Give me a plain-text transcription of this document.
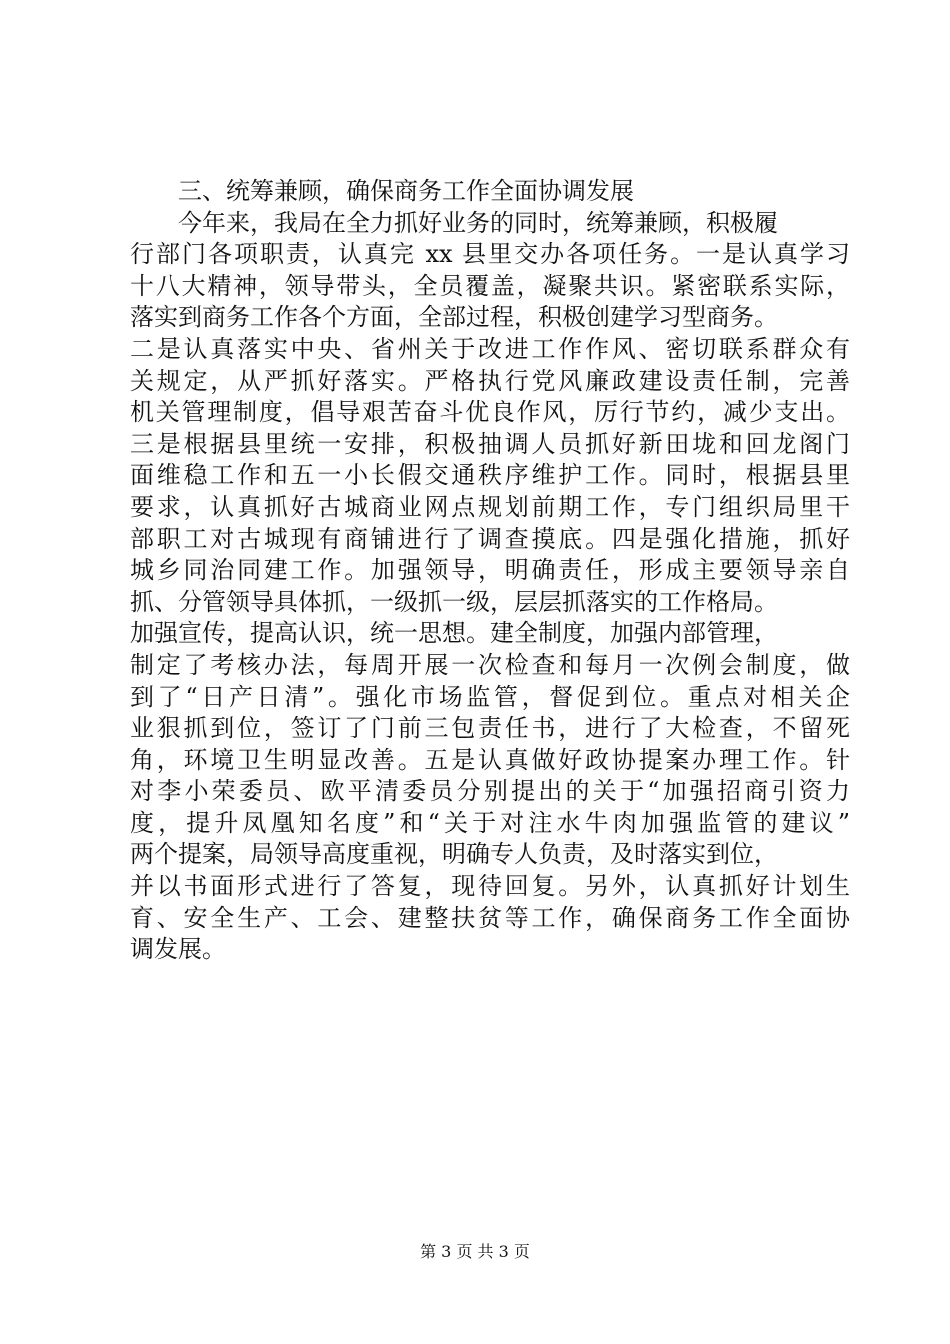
三、统筹兼顾，确保商务工作全面协调发展
今年来，我局在全力抓好业务的同时，统筹兼顾，积极履
行部门各项职责，认真完 xx 县里交办各项任务。一是认真学习
十八大精神，领导带头，全员覆盖，凝聚共识。紧密联系实际，
落实到商务工作各个方面，全部过程，积极创建学习型商务。
二是认真落实中央、省州关于改进工作作风、密切联系群众有
关规定，从严抓好落实。严格执行党风廉政建设责任制，完善
机关管理制度，倡导艰苦奋斗优良作风，厉行节约，减少支出。
三是根据县里统一安排，积极抽调人员抓好新田垅和回龙阁门
面维稳工作和五一小长假交通秩序维护工作。同时，根据县里
要求，认真抓好古城商业网点规划前期工作，专门组织局里干
部职工对古城现有商铺进行了调查摸底。四是强化措施，抓好
城乡同治同建工作。加强领导，明确责任，形成主要领导亲自
抓、分管领导具体抓，一级抓一级，层层抓落实的工作格局。
加强宣传，提高认识，统一思想。建全制度，加强内部管理，
制定了考核办法，每周开展一次检查和每月一次例会制度，做
到了“日产日清”。强化市场监管，督促到位。重点对相关企
业狠抓到位，签订了门前三包责任书，进行了大检查，不留死
角，环境卫生明显改善。五是认真做好政协提案办理工作。针
对李小荣委员、欧平清委员分别提出的关于“加强招商引资力
度，提升凤凰知名度”和“关于对注水牛肉加强监管的建议”
两个提案，局领导高度重视，明确专人负责，及时落实到位，
并以书面形式进行了答复，现待回复。另外，认真抓好计划生
育、安全生产、工会、建整扶贫等工作，确保商务工作全面协
调发展。
第 3 页 共 3 页
